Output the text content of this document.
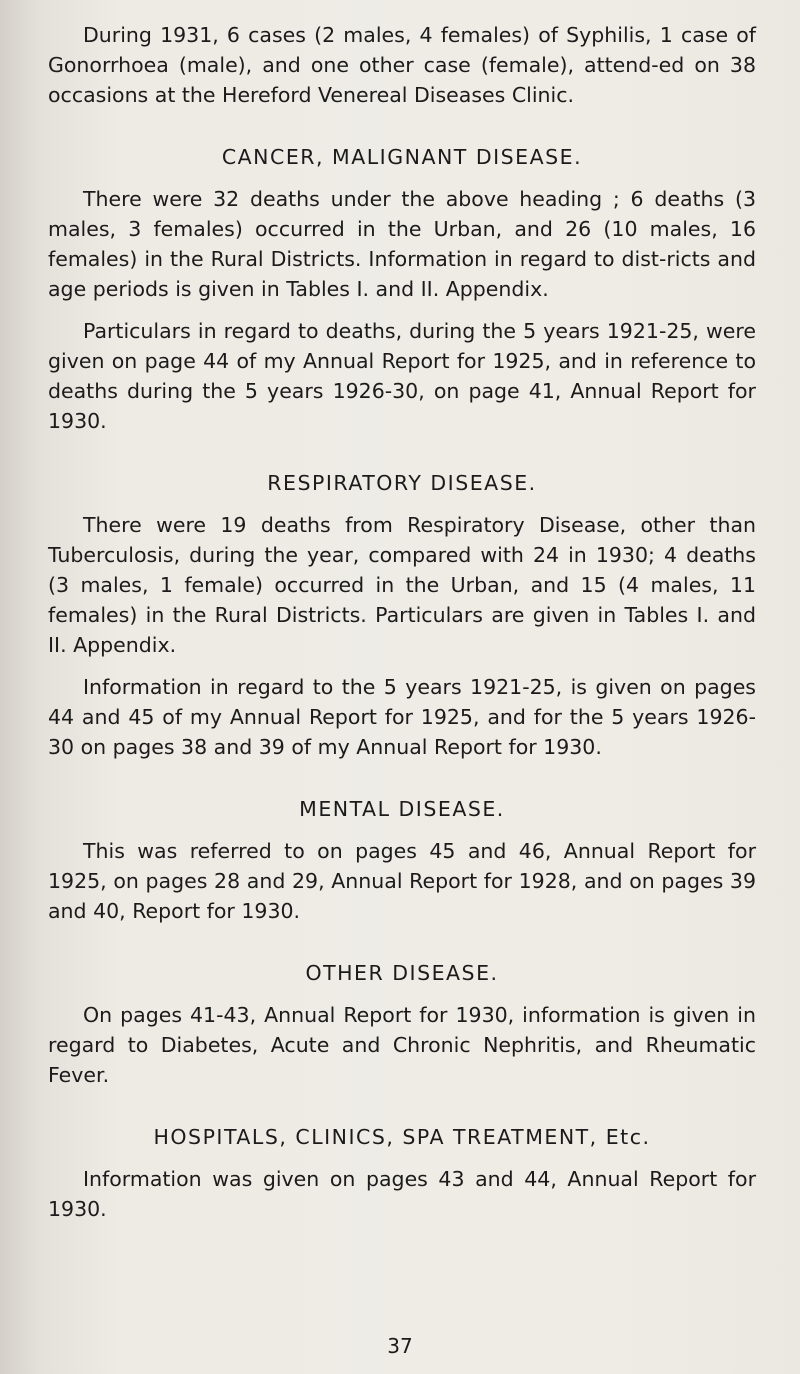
During 1931, 6 cases (2 males, 4 females) of Syphilis, 1 case of Gonorrhoea (male), and one other case (female), attend-ed on 38 occasions at the Hereford Venereal Diseases Clinic.

CANCER, MALIGNANT DISEASE.

There were 32 deaths under the above heading ; 6 deaths (3 males, 3 females) occurred in the Urban, and 26 (10 males, 16 females) in the Rural Districts. Information in regard to dist-ricts and age periods is given in Tables I. and II. Appendix.

Particulars in regard to deaths, during the 5 years 1921-25, were given on page 44 of my Annual Report for 1925, and in reference to deaths during the 5 years 1926-30, on page 41, Annual Report for 1930.

RESPIRATORY DISEASE.

There were 19 deaths from Respiratory Disease, other than Tuberculosis, during the year, compared with 24 in 1930; 4 deaths (3 males, 1 female) occurred in the Urban, and 15 (4 males, 11 females) in the Rural Districts. Particulars are given in Tables I. and II. Appendix.

Information in regard to the 5 years 1921-25, is given on pages 44 and 45 of my Annual Report for 1925, and for the 5 years 1926-30 on pages 38 and 39 of my Annual Report for 1930.

MENTAL DISEASE.

This was referred to on pages 45 and 46, Annual Report for 1925, on pages 28 and 29, Annual Report for 1928, and on pages 39 and 40, Report for 1930.

OTHER DISEASE.

On pages 41-43, Annual Report for 1930, information is given in regard to Diabetes, Acute and Chronic Nephritis, and Rheumatic Fever.

HOSPITALS, CLINICS, SPA TREATMENT, Etc.

Information was given on pages 43 and 44, Annual Report for 1930.

37
